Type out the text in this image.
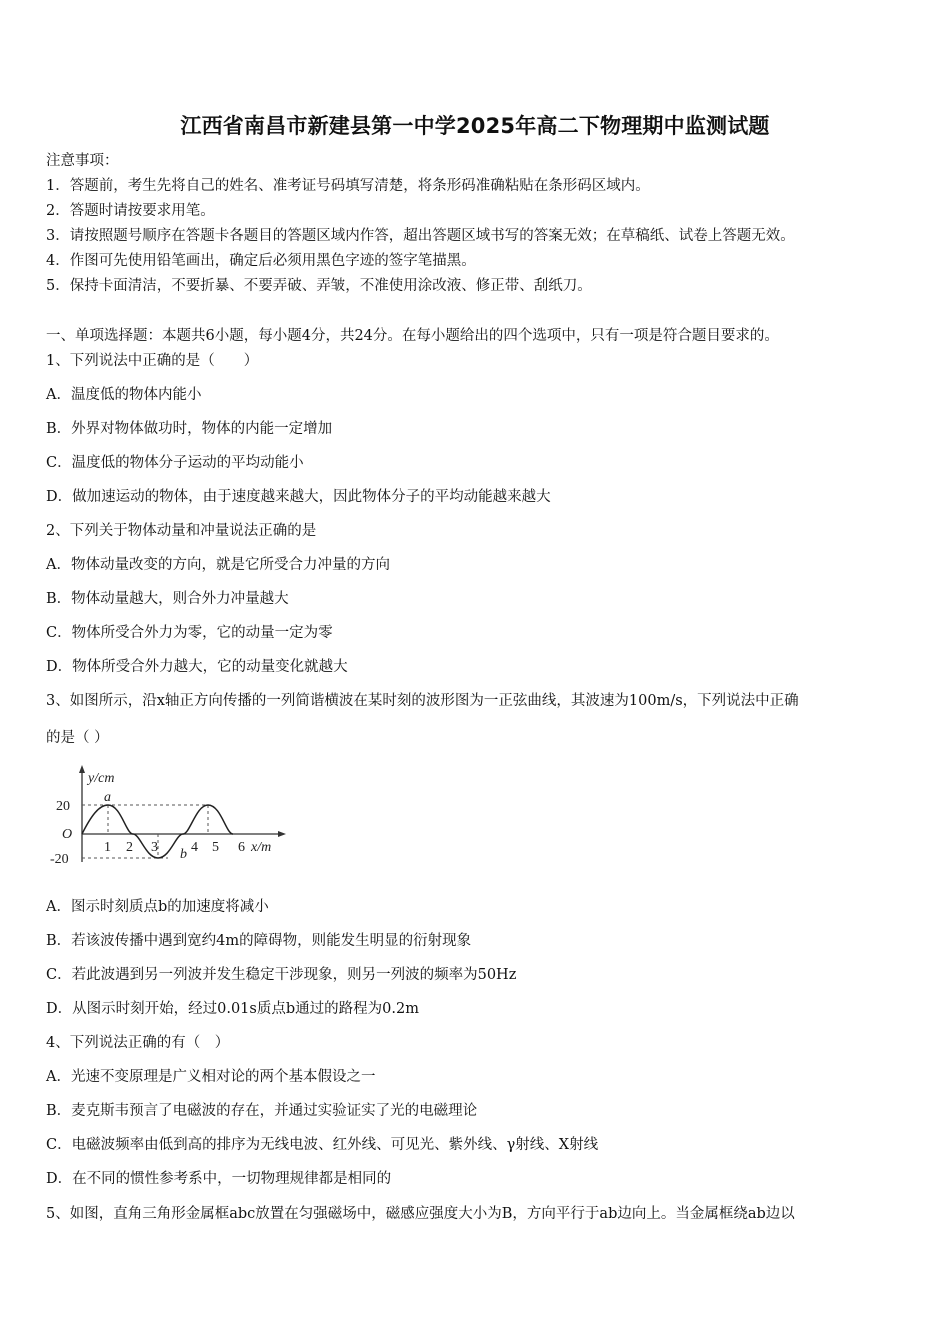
江西省南昌市新建县第一中学2025年高二下物理期中监测试题
注意事项：
1．答题前，考生先将自己的姓名、准考证号码填写清楚，将条形码准确粘贴在条形码区域内。
2．答题时请按要求用笔。
3．请按照题号顺序在答题卡各题目的答题区域内作答，超出答题区域书写的答案无效；在草稿纸、试卷上答题无效。
4．作图可先使用铅笔画出，确定后必须用黑色字迹的签字笔描黑。
5．保持卡面清洁，不要折暴、不要弄破、弄皱，不准使用涂改液、修正带、刮纸刀。
一、单项选择题：本题共6小题，每小题4分，共24分。在每小题给出的四个选项中，只有一项是符合题目要求的。
1、下列说法中正确的是（　　）
A．温度低的物体内能小
B．外界对物体做功时，物体的内能一定增加
C．温度低的物体分子运动的平均动能小
D．做加速运动的物体，由于速度越来越大，因此物体分子的平均动能越来越大
2、下列关于物体动量和冲量说法正确的是
A．物体动量改变的方向，就是它所受合力冲量的方向
B．物体动量越大，则合外力冲量越大
C．物体所受合外力为零，它的动量一定为零
D．物体所受合外力越大，它的动量变化就越大
3、如图所示，沿x轴正方向传播的一列简谐横波在某时刻的波形图为一正弦曲线，其波速为100m/s，下列说法中正确
的是（ ）
y/cm
20
O
-20
a
b
1 2 3 4 5 6 x/m
A．图示时刻质点b的加速度将减小
B．若该波传播中遇到宽约4m的障碍物，则能发生明显的衍射现象
C．若此波遇到另一列波并发生稳定干涉现象，则另一列波的频率为50Hz
D．从图示时刻开始，经过0.01s质点b通过的路程为0.2m
4、下列说法正确的有（　）
A．光速不变原理是广义相对论的两个基本假设之一
B．麦克斯韦预言了电磁波的存在，并通过实验证实了光的电磁理论
C．电磁波频率由低到高的排序为无线电波、红外线、可见光、紫外线、γ射线、X射线
D．在不同的惯性参考系中，一切物理规律都是相同的
5、如图，直角三角形金属框abc放置在匀强磁场中，磁感应强度大小为B，方向平行于ab边向上。当金属框绕ab边以
